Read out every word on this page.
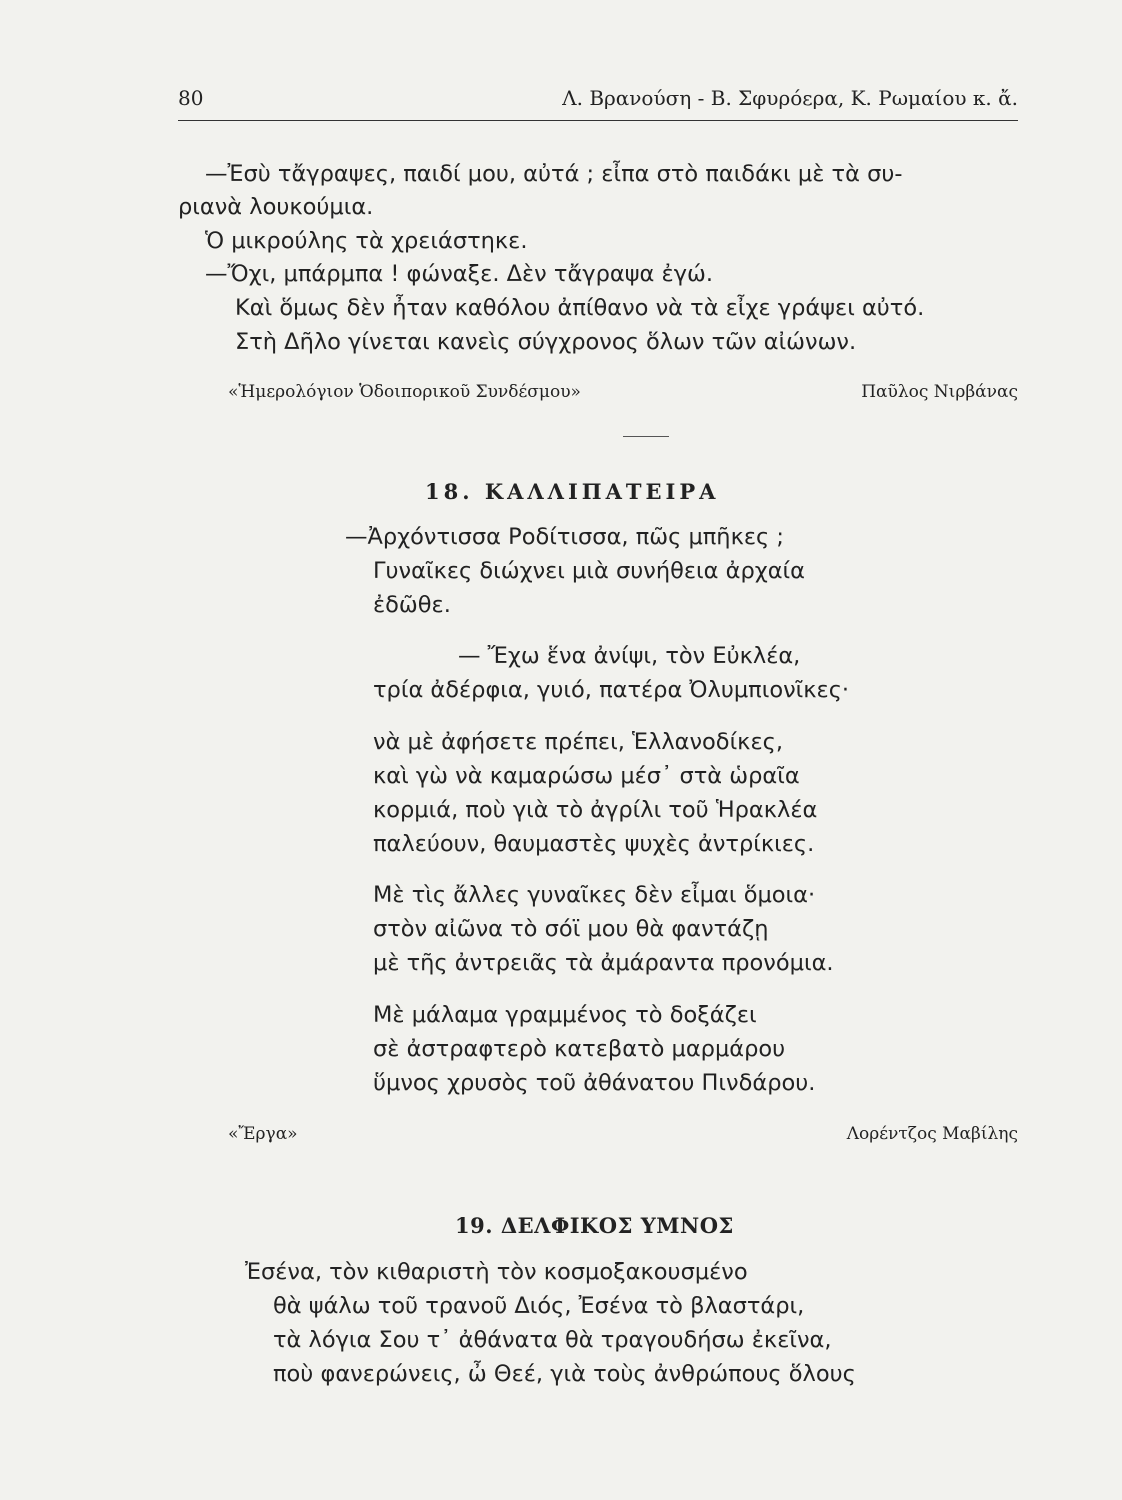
80	Λ. Βρανούση - Β. Σφυρόερα, Κ. Ρωμαίου κ. ἄ.
—Ἐσὺ τἄγραψες, παιδί μου, αὐτά ; εἶπα στὸ παιδάκι μὲ τὰ συ-
ριανὰ λουκούμια.
Ὁ μικρούλης τὰ χρειάστηκε.
—Ὄχι, μπάρμπα ! φώναξε. Δὲν τἄγραψα ἐγώ.
Καὶ ὅμως δὲν ἦταν καθόλου ἀπίθανο νὰ τὰ εἶχε γράψει αὐτό.
Στὴ Δῆλο γίνεται κανεὶς σύγχρονος ὅλων τῶν αἰώνων.
«Ἡμερολόγιον Ὁδοιπορικοῦ Συνδέσμου»	Παῦλος Νιρβάνας
18. ΚΑΛΛΙΠΑΤΕΙΡΑ
—Ἀρχόντισσα Ροδίτισσα, πῶς μπῆκες ;
Γυναῖκες διώχνει μιὰ συνήθεια ἀρχαία
ἐδῶθε.
— Ἔχω ἕνα ἀνίψι, τὸν Εὐκλέα,
τρία ἀδέρφια, γυιό, πατέρα Ὀλυμπιονῖκες·
νὰ μὲ ἀφήσετε πρέπει, Ἑλλανοδίκες,
καὶ γὼ νὰ καμαρώσω μέσ᾽ στὰ ὡραῖα
κορμιά, ποὺ γιὰ τὸ ἀγρίλι τοῦ Ἡρακλέα
παλεύουν, θαυμαστὲς ψυχὲς ἀντρίκιες.
Μὲ τὶς ἄλλες γυναῖκες δὲν εἶμαι ὅμοια·
στὸν αἰῶνα τὸ σόϊ μου θὰ φαντάζῃ
μὲ τῆς ἀντρειᾶς τὰ ἀμάραντα προνόμια.
Μὲ μάλαμα γραμμένος τὸ δοξάζει
σὲ ἀστραφτερὸ κατεβατὸ μαρμάρου
ὕμνος χρυσὸς τοῦ ἀθάνατου Πινδάρου.
«Ἔργα»	Λορέντζος Μαβίλης
19. ΔΕΛΦΙΚΟΣ ΥΜΝΟΣ
Ἐσένα, τὸν κιθαριστὴ τὸν κοσμοξακουσμένο
θὰ ψάλω τοῦ τρανοῦ Διός, Ἐσένα τὸ βλαστάρι,
τὰ λόγια Σου τ᾽ ἀθάνατα θὰ τραγουδήσω ἐκεῖνα,
ποὺ φανερώνεις, ὦ Θεέ, γιὰ τοὺς ἀνθρώπους ὅλους
